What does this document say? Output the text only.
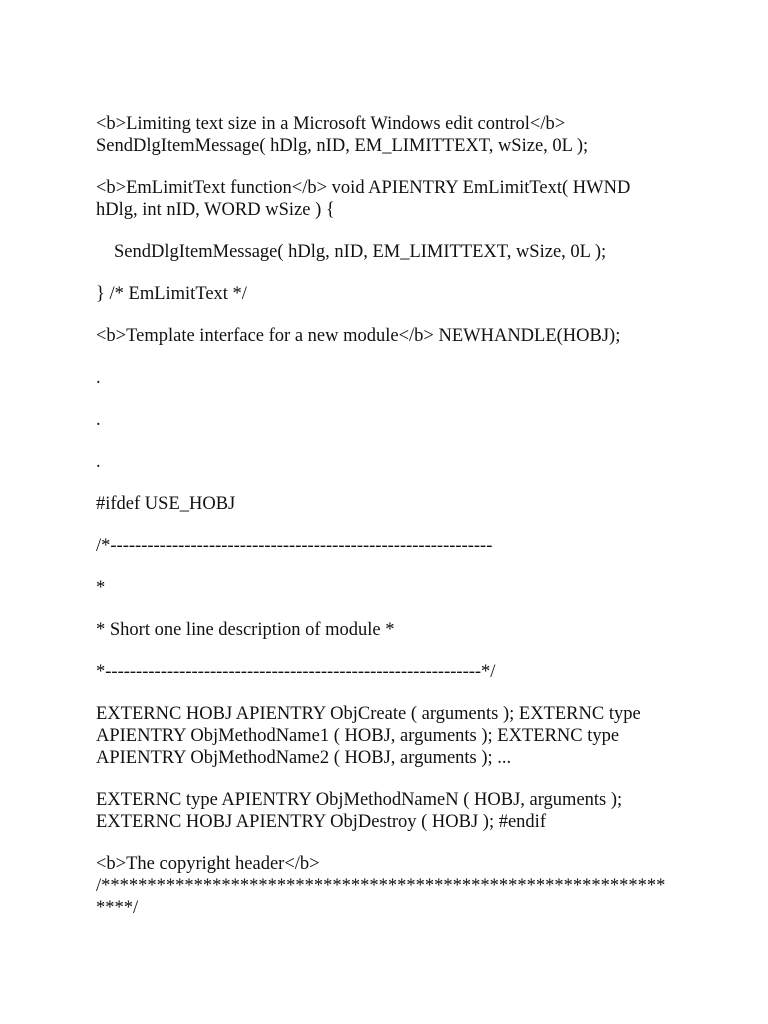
<b>Limiting text size in a Microsoft Windows edit control</b>
SendDlgItemMessage( hDlg, nID, EM_LIMITTEXT, wSize, 0L );
<b>EmLimitText function</b> void APIENTRY EmLimitText( HWND
hDlg, int nID, WORD wSize ) {
SendDlgItemMessage( hDlg, nID, EM_LIMITTEXT, wSize, 0L );
} /* EmLimitText */
<b>Template interface for a new module</b> NEWHANDLE(HOBJ);
.
.
.
#ifdef USE_HOBJ
/*--------------------------------------------------------------
*
* Short one line description of module *
*-------------------------------------------------------------*/
EXTERNC HOBJ APIENTRY ObjCreate ( arguments ); EXTERNC type
APIENTRY ObjMethodName1 ( HOBJ, arguments ); EXTERNC type
APIENTRY ObjMethodName2 ( HOBJ, arguments ); ...
EXTERNC type APIENTRY ObjMethodNameN ( HOBJ, arguments );
EXTERNC HOBJ APIENTRY ObjDestroy ( HOBJ ); #endif
<b>The copyright header</b>
/*************************************************************
****/
